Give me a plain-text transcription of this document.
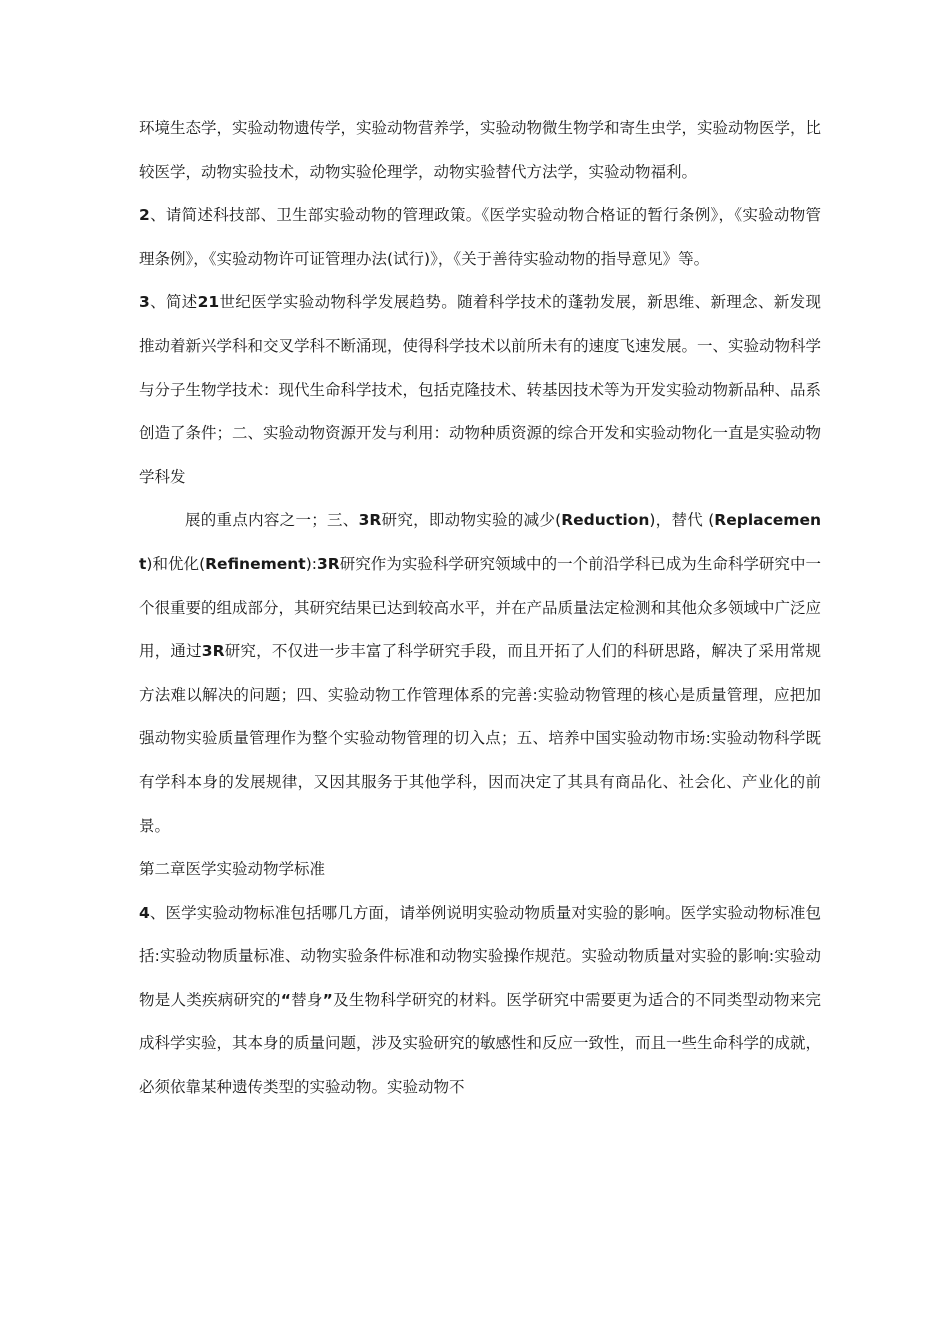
环境生态学，实验动物遗传学，实验动物营养学，实验动物微生物学和寄生虫学，实验动物医学，比较医学，动物实验技术，动物实验伦理学，动物实验替代方法学，实验动物福利。

2、请简述科技部、卫生部实验动物的管理政策。《医学实验动物合格证的暂行条例》，《实验动物管理条例》，《实验动物许可证管理办法(试行)》，《关于善待实验动物的指导意见》等。

3、简述21世纪医学实验动物科学发展趋势。随着科学技术的蓬勃发展，新思维、新理念、新发现推动着新兴学科和交叉学科不断涌现，使得科学技术以前所未有的速度飞速发展。一、实验动物科学与分子生物学技术：现代生命科学技术，包括克隆技术、转基因技术等为开发实验动物新品种、品系创造了条件；二、实验动物资源开发与利用：动物种质资源的综合开发和实验动物化一直是实验动物学科发

展的重点内容之一；三、3R研究，即动物实验的减少(Reduction)，替代 (Replacement)和优化(Refinement):3R研究作为实验科学研究领域中的一个前沿学科已成为生命科学研究中一个很重要的组成部分，其研究结果已达到较高水平，并在产品质量法定检测和其他众多领域中广泛应用，通过3R研究，不仅进一步丰富了科学研究手段，而且开拓了人们的科研思路，解决了采用常规方法难以解决的问题；四、实验动物工作管理体系的完善:实验动物管理的核心是质量管理，应把加强动物实验质量管理作为整个实验动物管理的切入点；五、培养中国实验动物市场:实验动物科学既有学科本身的发展规律，又因其服务于其他学科，因而决定了其具有商品化、社会化、产业化的前景。

第二章医学实验动物学标准

4、医学实验动物标准包括哪几方面，请举例说明实验动物质量对实验的影响。医学实验动物标准包括:实验动物质量标准、动物实验条件标准和动物实验操作规范。实验动物质量对实验的影响:实验动物是人类疾病研究的“替身”及生物科学研究的材料。医学研究中需要更为适合的不同类型动物来完成科学实验，其本身的质量问题，涉及实验研究的敏感性和反应一致性，而且一些生命科学的成就，必须依靠某种遗传类型的实验动物。实验动物不
